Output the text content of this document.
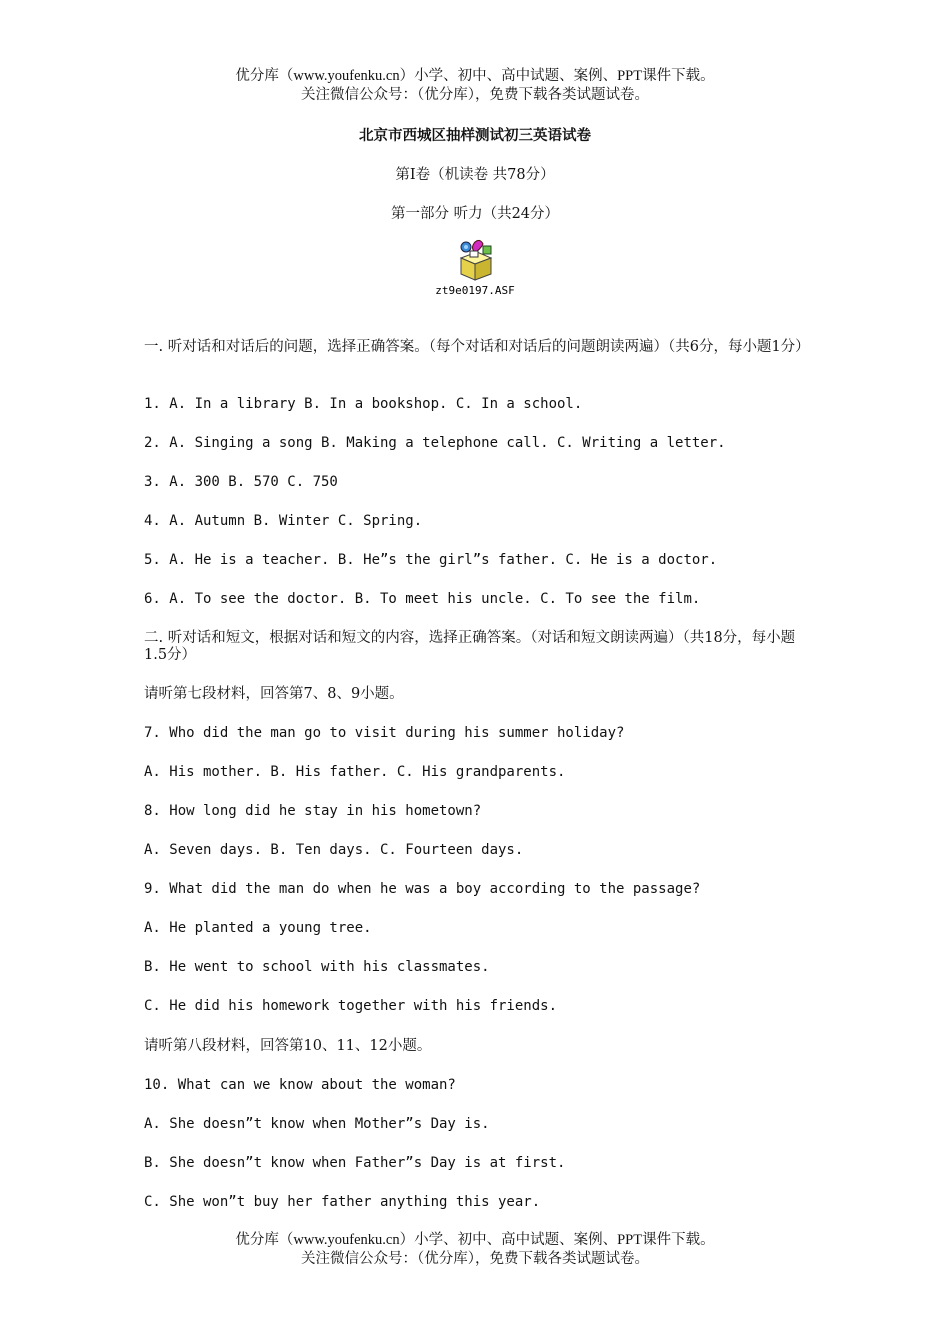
优分库（www.youfenku.cn）小学、初中、高中试题、案例、PPT课件下载。
关注微信公众号：（优分库），免费下载各类试题试卷。
北京市西城区抽样测试初三英语试卷
第Ⅰ卷（机读卷 共78分）
第一部分 听力（共24分）
zt9e0197.ASF
一. 听对话和对话后的问题，选择正确答案。（每个对话和对话后的问题朗读两遍）（共6分，每小题1分）
1. A. In a library B. In a bookshop. C. In a school.
2. A. Singing a song B. Making a telephone call. C. Writing a letter.
3. A. 300 B. 570 C. 750
4. A. Autumn B. Winter C. Spring.
5. A. He is a teacher. B. He”s the girl”s father. C. He is a doctor.
6. A. To see the doctor. B. To meet his uncle. C. To see the film.
二. 听对话和短文，根据对话和短文的内容，选择正确答案。（对话和短文朗读两遍）（共18分，每小题1.5分）
请听第七段材料，回答第7、8、9小题。
7. Who did the man go to visit during his summer holiday?
A. His mother. B. His father. C. His grandparents.
8. How long did he stay in his hometown?
A. Seven days. B. Ten days. C. Fourteen days.
9. What did the man do when he was a boy according to the passage?
A. He planted a young tree.
B. He went to school with his classmates.
C. He did his homework together with his friends.
请听第八段材料，回答第10、11、12小题。
10. What can we know about the woman?
A. She doesn”t know when Mother”s Day is.
B. She doesn”t know when Father”s Day is at first.
C. She won”t buy her father anything this year.
优分库（www.youfenku.cn）小学、初中、高中试题、案例、PPT课件下载。
关注微信公众号：（优分库），免费下载各类试题试卷。
